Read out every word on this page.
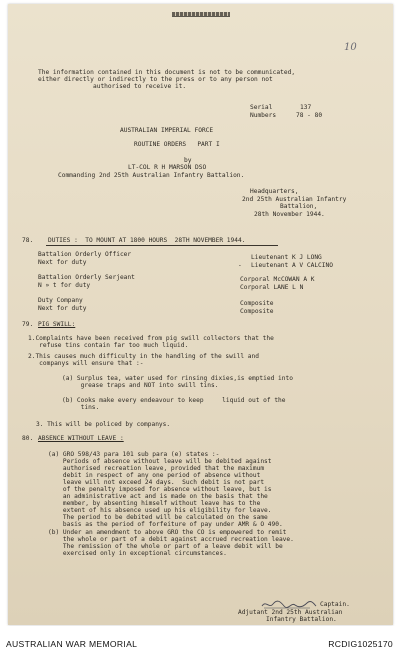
10
The information contained in this document is not to be communicated,
either directly or indirectly to the press or to any person not
authorised to receive it.
Serial	137
Numbers	78 - 80
AUSTRALIAN IMPERIAL FORCE
ROUTINE ORDERS   PART I
by
LT-COL R H MARSON DSO
Commanding 2nd 25th Australian Infantry Battalion.
Headquarters,
2nd 25th Australian Infantry
Battalion,
28th November 1944.
78. DUTIES :  TO MOUNT AT 1800 HOURS  28TH NOVEMBER 1944.
Battalion Orderly Officer	Lieutenant K J LONG
Next for duty	- Lieutenant A V CALCINO
Battalion Orderly Serjeant	Corporal McCOWAN A K
N » t for duty	Corporal LANE L N
Duty Company	Composite
Next for duty	Composite
79. PIG SWILL:
1.Complaints have been received from pig swill collectors that the
refuse tins contain far too much liquid.
2.This causes much difficulty in the handling of the swill and
companys will ensure that :-
(a) Surplus tea, water used for rinsing dixies,is emptied into
grease traps and NOT into swill tins.
(b) Cooks make every endeavour to keep     liquid out of the
tins.
3. This will be policed by companys.
80. ABSENCE WITHOUT LEAVE :
(a) GRO 598/43 para 101 sub para (e) states :-
Periods of absence without leave will be debited against
authorised recreation leave, provided that the maximum
debit in respect of any one period of absence without
leave will not exceed 24 days.  Such debit is not part
of the penalty imposed for absence without leave, but is
an administrative act and is made on the basis that the
member, by absenting himself without leave has to the
extent of his absence used up his eligibility for leave.
The period to be debited will be calculated on the same
basis as the period of forfeiture of pay under AMR & O 490.
(b) Under an amendment to above GRO the CO is empowered to remit
the whole or part of a debit against accrued recreation leave.
The remission of the whole or part of a leave debit will be
exercised only in exceptional circumstances.
Captain.
Adjutant 2nd 25th Australian
Infantry Battalion.
AUSTRALIAN WAR MEMORIAL	RCDIG1025170
